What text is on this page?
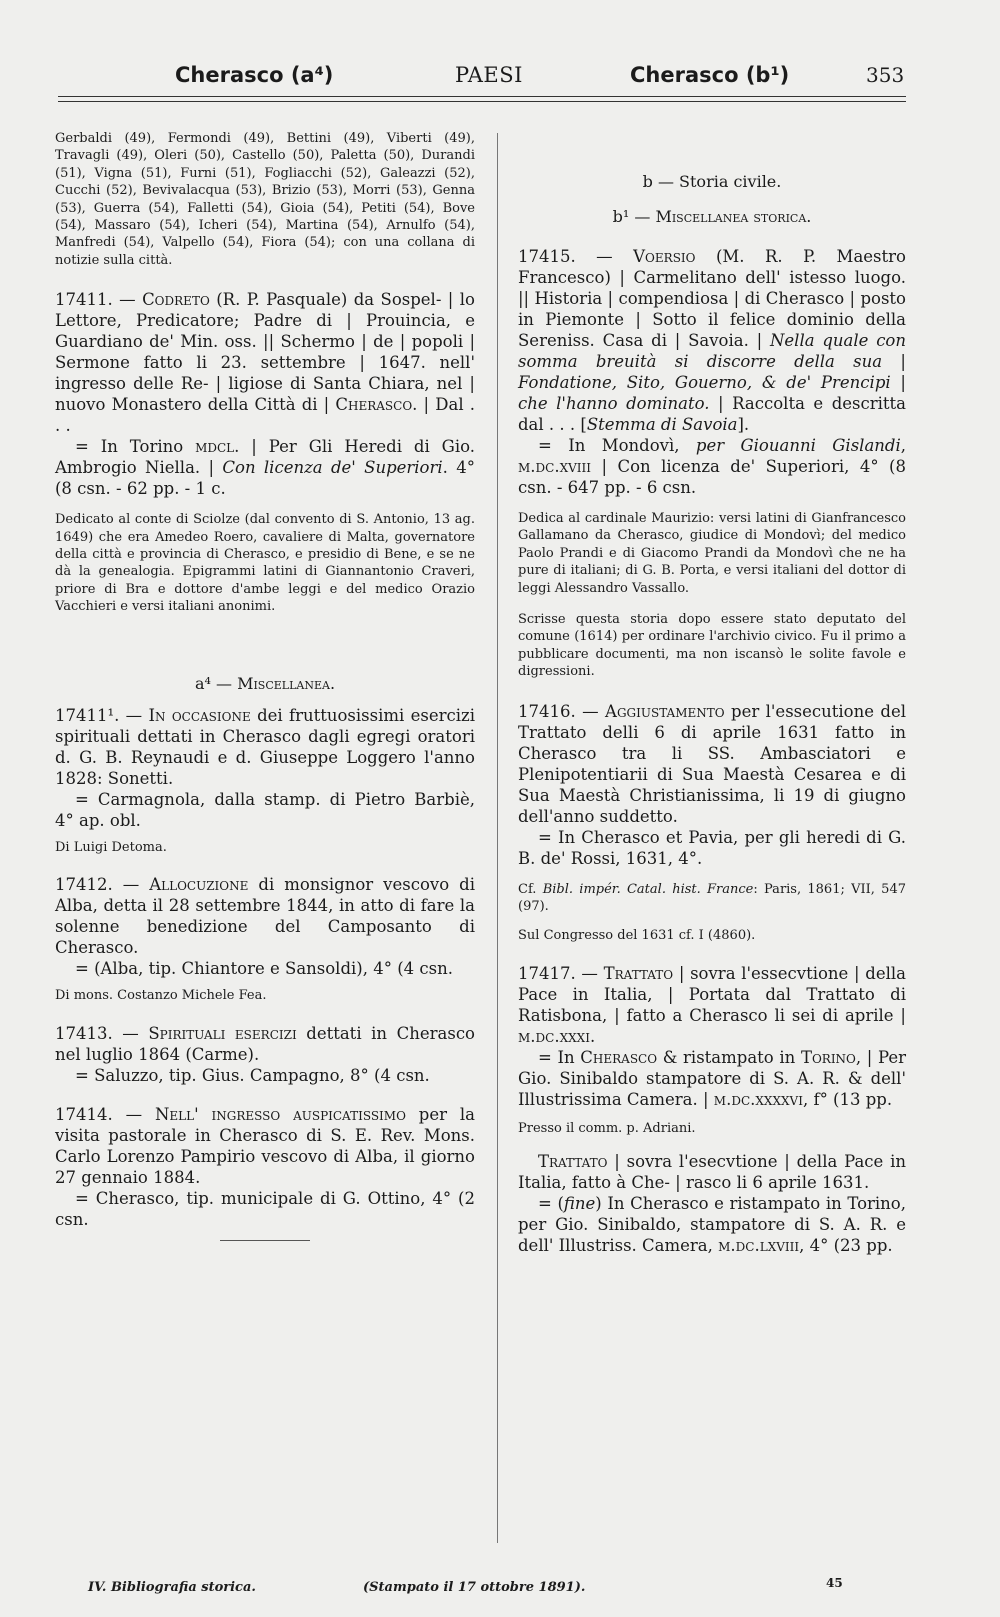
Cherasco (a⁴)	PAESI	Cherasco (b¹)	353

Gerbaldi (49), Fermondi (49), Bettini (49), Viberti (49), Travagli (49), Oleri (50), Castello (50), Paletta (50), Durandi (51), Vigna (51), Furni (51), Fogliacchi (52), Galeazzi (52), Cucchi (52), Bevivalacqua (53), Brizio (53), Morri (53), Genna (53), Guerra (54), Falletti (54), Gioia (54), Petiti (54), Bove (54), Massaro (54), Icheri (54), Martina (54), Arnulfo (54), Manfredi (54), Valpello (54), Fiora (54); con una collana di notizie sulla città.

17411. — Codreto (R. P. Pasquale) da Sospel- | lo Lettore, Predicatore; Padre di | Prouincia, e Guardiano de' Min. oss. || Schermo | de | popoli | Sermone fatto li 23. settembre | 1647. nell' ingresso delle Re- | ligiose di Santa Chiara, nel | nuovo Monastero della Città di | Cherasco. | Dal . . .

= In Torino mdcl. | Per Gli Heredi di Gio. Ambrogio Niella. | Con licenza de' Superiori. 4° (8 csn. - 62 pp. - 1 c.

Dedicato al conte di Sciolze (dal convento di S. Antonio, 13 ag. 1649) che era Amedeo Roero, cavaliere di Malta, governatore della città e provincia di Cherasco, e presidio di Bene, e se ne dà la genealogia. Epigrammi latini di Giannantonio Craveri, priore di Bra e dottore d'ambe leggi e del medico Orazio Vacchieri e versi italiani anonimi.

a⁴ — Miscellanea.

17411¹. — In occasione dei fruttuosissimi esercizi spirituali dettati in Cherasco dagli egregi oratori d. G. B. Reynaudi e d. Giuseppe Loggero l'anno 1828: Sonetti.

= Carmagnola, dalla stamp. di Pietro Barbiè, 4° ap. obl.

Di Luigi Detoma.

17412. — Allocuzione di monsignor vescovo di Alba, detta il 28 settembre 1844, in atto di fare la solenne benedizione del Camposanto di Cherasco.

= (Alba, tip. Chiantore e Sansoldi), 4° (4 csn.

Di mons. Costanzo Michele Fea.

17413. — Spirituali esercizi dettati in Cherasco nel luglio 1864 (Carme).

= Saluzzo, tip. Gius. Campagno, 8° (4 csn.

17414. — Nell' ingresso auspicatissimo per la visita pastorale in Cherasco di S. E. Rev. Mons. Carlo Lorenzo Pampirio vescovo di Alba, il giorno 27 gennaio 1884.

= Cherasco, tip. municipale di G. Ottino, 4° (2 csn.

b — Storia civile.

b¹ — Miscellanea storica.

17415. — Voersio (M. R. P. Maestro Francesco) | Carmelitano dell' istesso luogo. || Historia | compendiosa | di Cherasco | posto in Piemonte | Sotto il felice dominio della Sereniss. Casa di | Savoia. | Nella quale con somma breuità si discorre della sua | Fondatione, Sito, Gouerno, & de' Prencipi | che l'hanno dominato. | Raccolta e descritta dal . . . [Stemma di Savoia].

= In Mondovì, per Giouanni Gislandi, m.dc.xviii | Con licenza de' Superiori, 4° (8 csn. - 647 pp. - 6 csn.

Dedica al cardinale Maurizio: versi latini di Gianfrancesco Gallamano da Cherasco, giudice di Mondovì; del medico Paolo Prandi e di Giacomo Prandi da Mondovì che ne ha pure di italiani; di G. B. Porta, e versi italiani del dottor di leggi Alessandro Vassallo.

Scrisse questa storia dopo essere stato deputato del comune (1614) per ordinare l'archivio civico. Fu il primo a pubblicare documenti, ma non iscansò le solite favole e digressioni.

17416. — Aggiustamento per l'essecutione del Trattato delli 6 di aprile 1631 fatto in Cherasco tra li SS. Ambasciatori e Plenipotentiarii di Sua Maestà Cesarea e di Sua Maestà Christianissima, li 19 di giugno dell'anno suddetto.

= In Cherasco et Pavia, per gli heredi di G. B. de' Rossi, 1631, 4°.

Cf. Bibl. impér. Catal. hist. France: Paris, 1861; VII, 547 (97).

Sul Congresso del 1631 cf. I (4860).

17417. — Trattato | sovra l'essecvtione | della Pace in Italia, | Portata dal Trattato di Ratisbona, | fatto a Cherasco li sei di aprile | m.dc.xxxi.

= In Cherasco & ristampato in Torino, | Per Gio. Sinibaldo stampatore di S. A. R. & dell' Illustrissima Camera. | m.dc.xxxxvi, f° (13 pp.

Presso il comm. p. Adriani.

Trattato | sovra l'esecvtione | della Pace in Italia, fatto à Che- | rasco li 6 aprile 1631.

= (fine) In Cherasco e ristampato in Torino, per Gio. Sinibaldo, stampatore di S. A. R. e dell' Illustriss. Camera, m.dc.lxviii, 4° (23 pp.

IV. Bibliografia storica.	(Stampato il 17 ottobre 1891).	45
